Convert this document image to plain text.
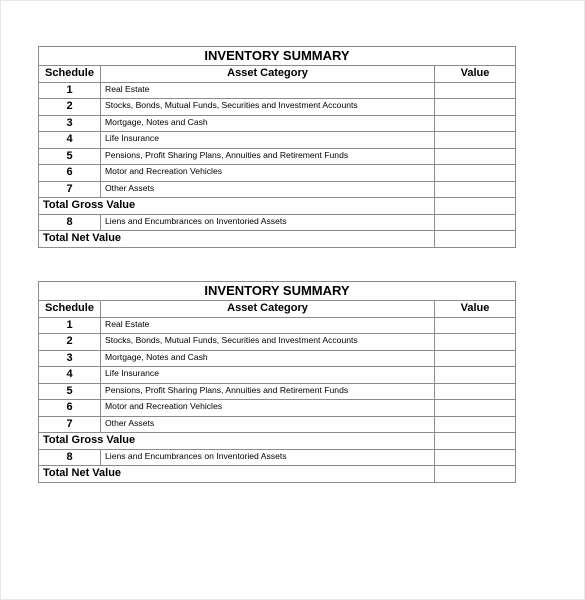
INVENTORY SUMMARY		
Schedule	Asset Category	Value
1	Real Estate	
2	Stocks, Bonds, Mutual Funds, Securities and Investment Accounts	
3	Mortgage, Notes and Cash	
4	Life Insurance	
5	Pensions, Profit Sharing Plans, Annuities and Retirement Funds	
6	Motor and Recreation Vehicles	
7	Other Assets	
Total Gross Value		
8	Liens and Encumbrances on Inventoried Assets	
Total Net Value		
INVENTORY SUMMARY		
Schedule	Asset Category	Value
1	Real Estate	
2	Stocks, Bonds, Mutual Funds, Securities and Investment Accounts	
3	Mortgage, Notes and Cash	
4	Life Insurance	
5	Pensions, Profit Sharing Plans, Annuities and Retirement Funds	
6	Motor and Recreation Vehicles	
7	Other Assets	
Total Gross Value		
8	Liens and Encumbrances on Inventoried Assets	
Total Net Value		
